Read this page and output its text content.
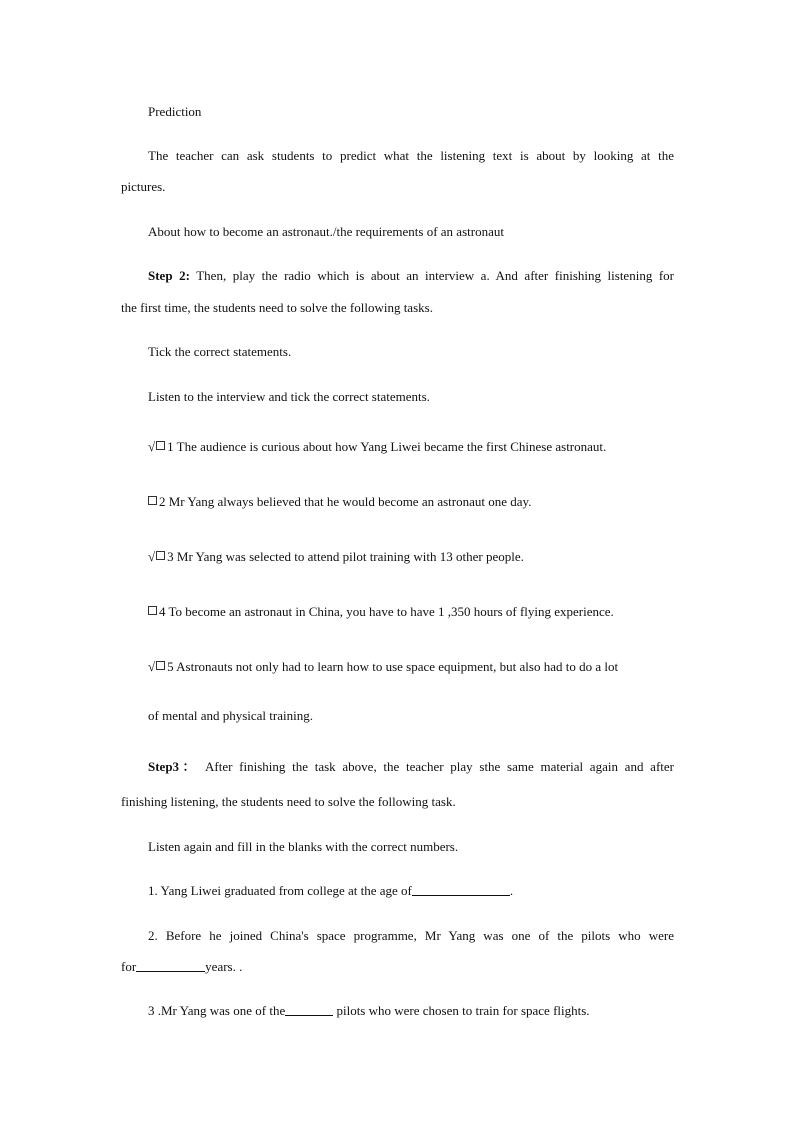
Prediction
The teacher can ask students to predict what the listening text is about by looking at the
pictures.
About how to become an astronaut./the requirements of an astronaut
Step 2: Then, play the radio which is about an interview a. And after finishing listening for
the first time, the students need to solve the following tasks.
Tick the correct statements.
Listen to the interview and tick the correct statements.
√ 1 The audience is curious about how Yang Liwei became the first Chinese astronaut.
2 Mr Yang always believed that he would become an astronaut one day.
√ 3 Mr Yang was selected to attend pilot training with 13 other people.
4 To become an astronaut in China, you have to have 1 ,350 hours of flying experience.
√ 5 Astronauts not only had to learn how to use space equipment, but also had to do a lot
of mental and physical training.
Step3： After finishing the task above, the teacher play sthe same material again and after
finishing listening, the students need to solve the following task.
Listen again and fill in the blanks with the correct numbers.
1. Yang Liwei graduated from college at the age of	.
2. Before he joined China's space programme, Mr Yang was one of the pilots who were
for	years. .
3 .Mr Yang was one of the	pilots who were chosen to train for space flights.
